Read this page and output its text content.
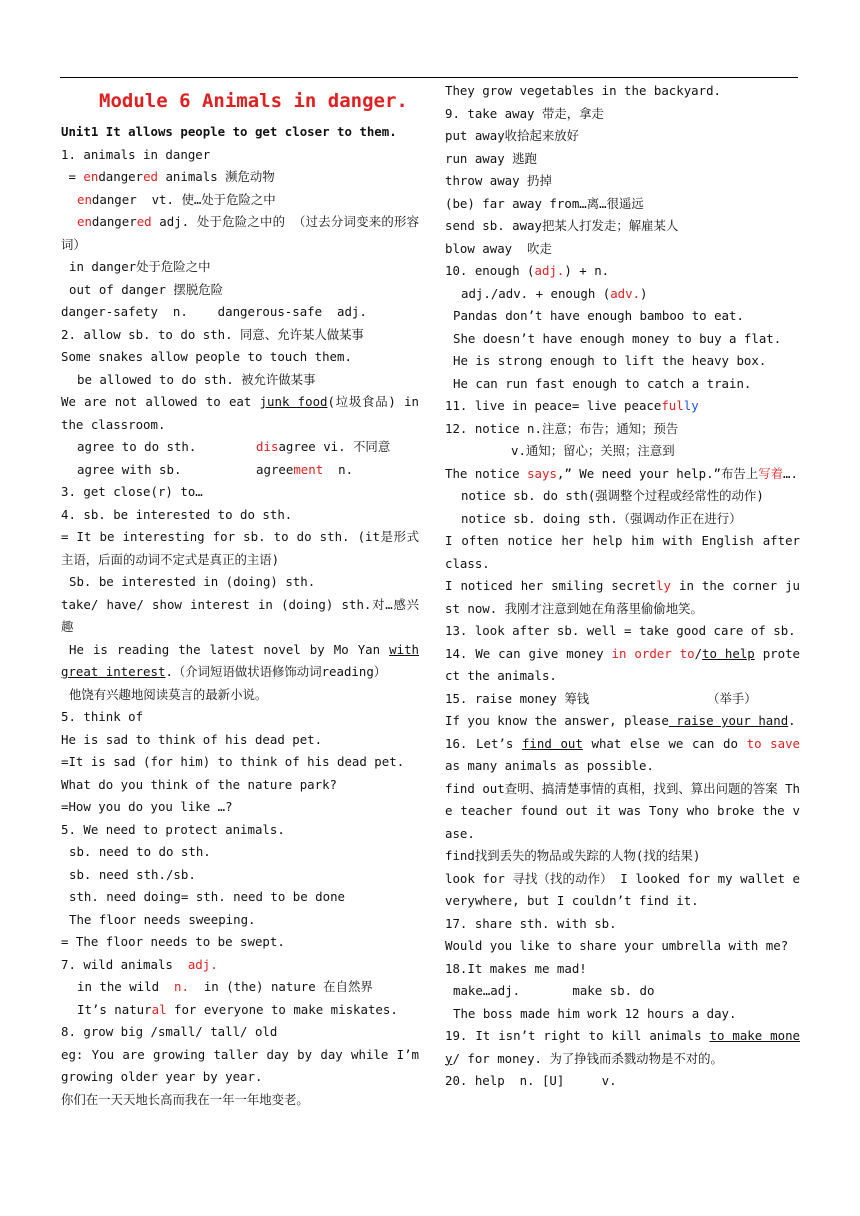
Module 6 Animals in danger.
Unit1 It allows people to get closer to them.
1. animals in danger
= endangered animals 濒危动物
endanger  vt. 使…处于危险之中
endangered adj. 处于危险之中的 （过去分词变来的形容词）
in danger处于危险之中
out of danger 摆脱危险
danger-safety  n.    dangerous-safe  adj.
2. allow sb. to do sth. 同意、允许某人做某事
Some snakes allow people to touch them.
be allowed to do sth. 被允许做某事
We are not allowed to eat junk food(垃圾食品) in the classroom.
agree to do sth.        disagree vi. 不同意
agree with sb.          agreement  n.
3. get close(r) to…
4. sb. be interested to do sth.
= It be interesting for sb. to do sth. (it是形式主语，后面的动词不定式是真正的主语)
Sb. be interested in (doing) sth.
take/ have/ show interest in (doing) sth.对…感兴趣
He is reading the latest novel by Mo Yan with great interest.（介词短语做状语修饰动词reading）
他饶有兴趣地阅读莫言的最新小说。
5. think of
He is sad to think of his dead pet.
=It is sad (for him) to think of his dead pet.
What do you think of the nature park?
=How you do you like …?
5. We need to protect animals.
sb. need to do sth.
sb. need sth./sb.
sth. need doing= sth. need to be done
The floor needs sweeping.
= The floor needs to be swept.
7. wild animals  adj.
in the wild  n.  in (the) nature 在自然界
It’s natural for everyone to make miskates.
8. grow big /small/ tall/ old
eg: You are growing taller day by day while I’m growing older year by year.
你们在一天天地长高而我在一年一年地变老。
They grow vegetables in the backyard.
9. take away 带走，拿走
put away收拾起来放好
run away 逃跑
throw away 扔掉
(be) far away from…离…很遥远
send sb. away把某人打发走；解雇某人
blow away  吹走
10. enough (adj.) + n.
adj./adv. + enough (adv.)
Pandas don’t have enough bamboo to eat.
She doesn’t have enough money to buy a flat.
He is strong enough to lift the heavy box.
He can run fast enough to catch a train.
11. live in peace= live peacefully
12. notice n.注意；布告；通知；预告
v.通知；留心；关照；注意到
The notice says,” We need your help.”布告上写着….
notice sb. do sth(强调整个过程或经常性的动作)
notice sb. doing sth.（强调动作正在进行）
I often notice her help him with English after class.
I noticed her smiling secretly in the corner just now. 我刚才注意到她在角落里偷偷地笑。
13. look after sb. well = take good care of sb.
14. We can give money in order to/to help protect the animals.
15. raise money 筹钱	（举手）
If you know the answer, please raise your hand.
16. Let’s find out what else we can do to save as many animals as possible.
find out查明、搞清楚事情的真相，找到、算出问题的答案 The teacher found out it was Tony who broke the vase.
find找到丢失的物品或失踪的人物(找的结果)
look for 寻找（找的动作） I looked for my wallet everywhere, but I couldn’t find it.
17. share sth. with sb.
Would you like to share your umbrella with me?
18.It makes me mad!
make…adj.       make sb. do
The boss made him work 12 hours a day.
19. It isn’t right to kill animals to make money/ for money. 为了挣钱而杀戮动物是不对的。
20. help  n. [U]     v.
